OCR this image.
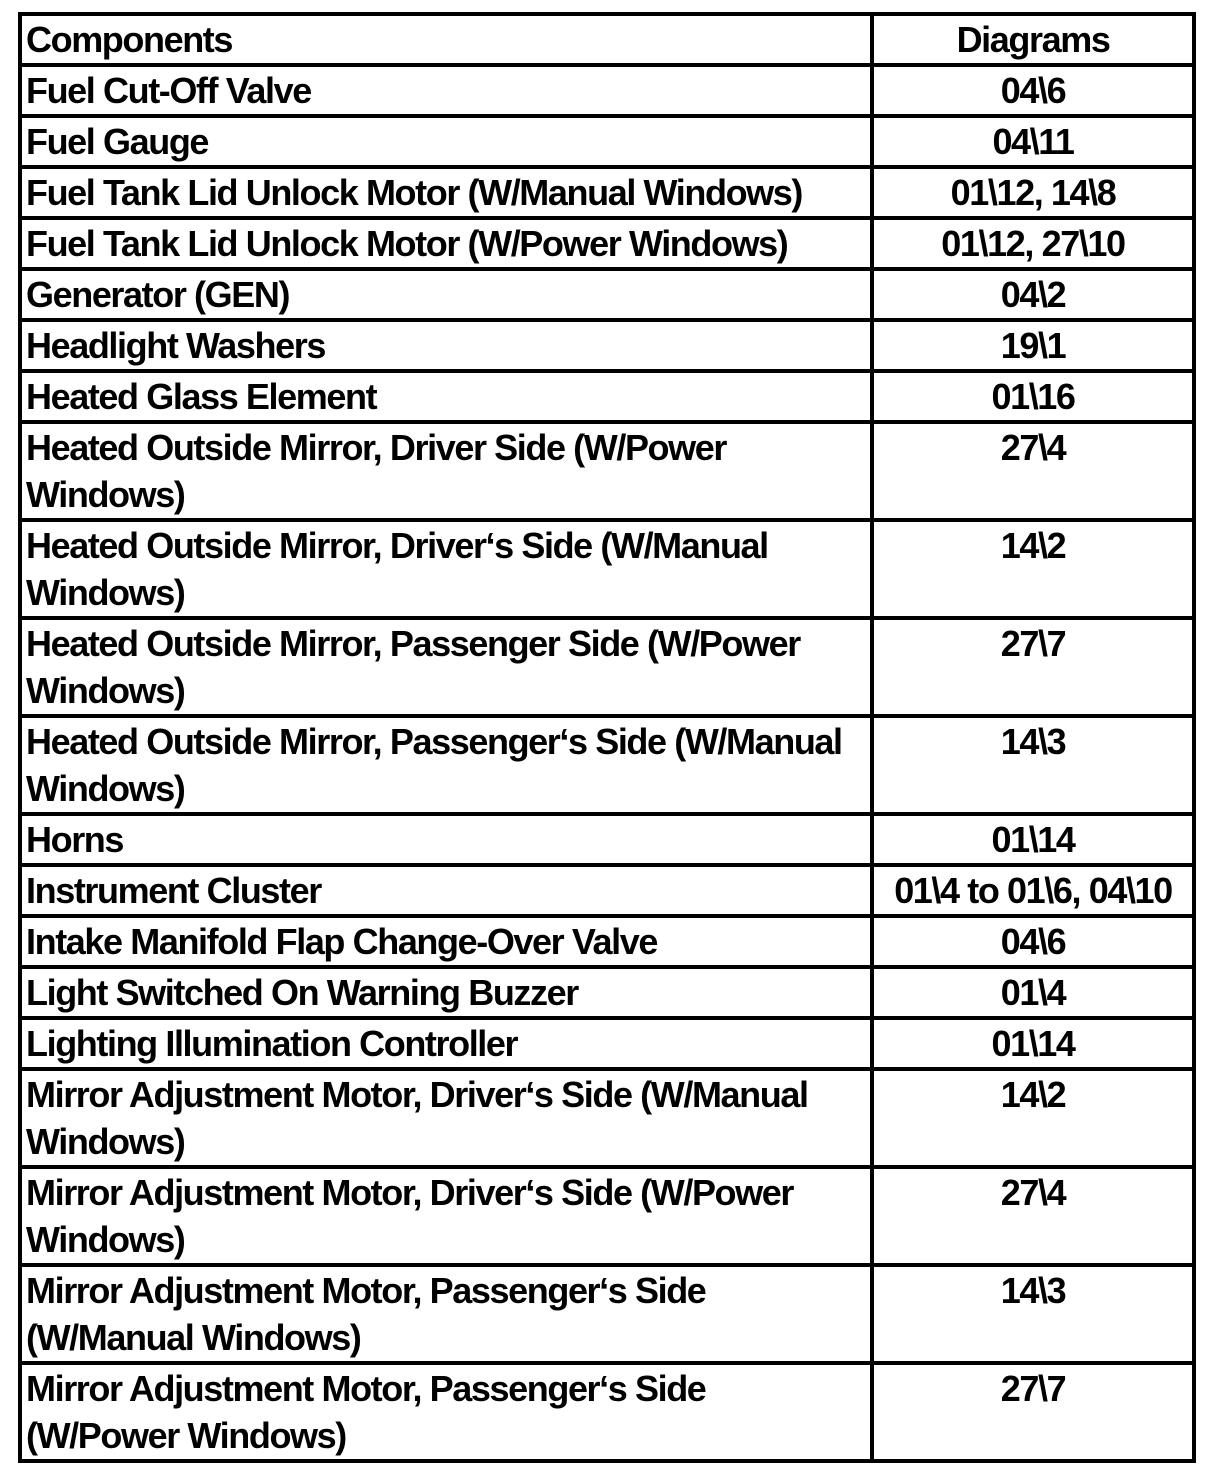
Components	Diagrams
Fuel Cut-Off Valve	04\6
Fuel Gauge	04\11
Fuel Tank Lid Unlock Motor (W/Manual Windows)	01\12, 14\8
Fuel Tank Lid Unlock Motor (W/Power Windows)	01\12, 27\10
Generator (GEN)	04\2
Headlight Washers	19\1
Heated Glass Element	01\16
Heated Outside Mirror, Driver Side (W/Power Windows)	27\4
Heated Outside Mirror, Driver‘s Side (W/Manual Windows)	14\2
Heated Outside Mirror, Passenger Side (W/Power Windows)	27\7
Heated Outside Mirror, Passenger‘s Side (W/Manual Windows)	14\3
Horns	01\14
Instrument Cluster	01\4 to 01\6, 04\10
Intake Manifold Flap Change-Over Valve	04\6
Light Switched On Warning Buzzer	01\4
Lighting Illumination Controller	01\14
Mirror Adjustment Motor, Driver‘s Side (W/Manual Windows)	14\2
Mirror Adjustment Motor, Driver‘s Side (W/Power Windows)	27\4
Mirror Adjustment Motor, Passenger‘s Side (W/Manual Windows)	14\3
Mirror Adjustment Motor, Passenger‘s Side (W/Power Windows)	27\7
